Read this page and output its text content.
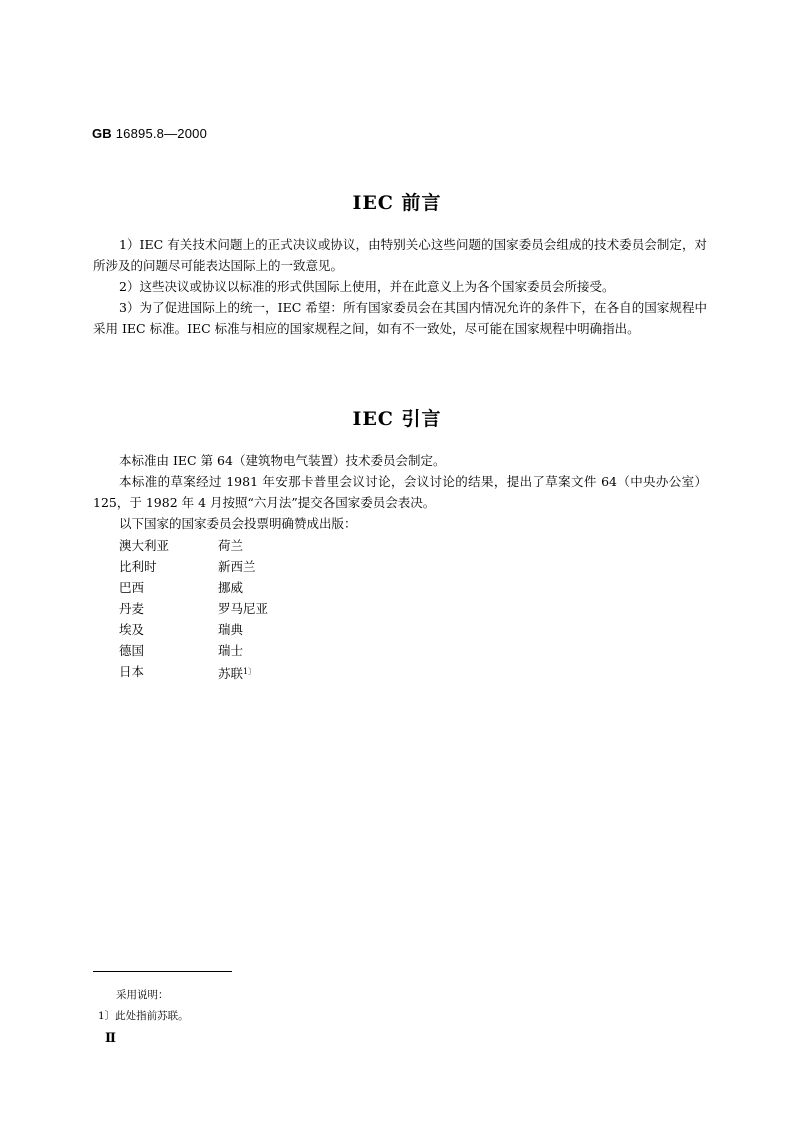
GB 16895.8—2000
IEC 前言

1）IEC 有关技术问题上的正式决议或协议，由特别关心这些问题的国家委员会组成的技术委员会制定，对所涉及的问题尽可能表达国际上的一致意见。

2）这些决议或协议以标准的形式供国际上使用，并在此意义上为各个国家委员会所接受。

3）为了促进国际上的统一，IEC 希望：所有国家委员会在其国内情况允许的条件下，在各自的国家规程中采用 IEC 标准。IEC 标准与相应的国家规程之间，如有不一致处，尽可能在国家规程中明确指出。

IEC 引言

本标准由 IEC 第 64（建筑物电气装置）技术委员会制定。

本标准的草案经过 1981 年安那卡普里会议讨论，会议讨论的结果，提出了草案文件 64（中央办公室）125，于 1982 年 4 月按照“六月法”提交各国家委员会表决。

以下国家的国家委员会投票明确赞成出版：

澳大利亚	荷兰
比利时	新西兰
巴西	挪威
丹麦	罗马尼亚
埃及	瑞典
德国	瑞士
日本	苏联$^{1〕}$
采用说明：
1〕此处指前苏联。
Ⅱ
